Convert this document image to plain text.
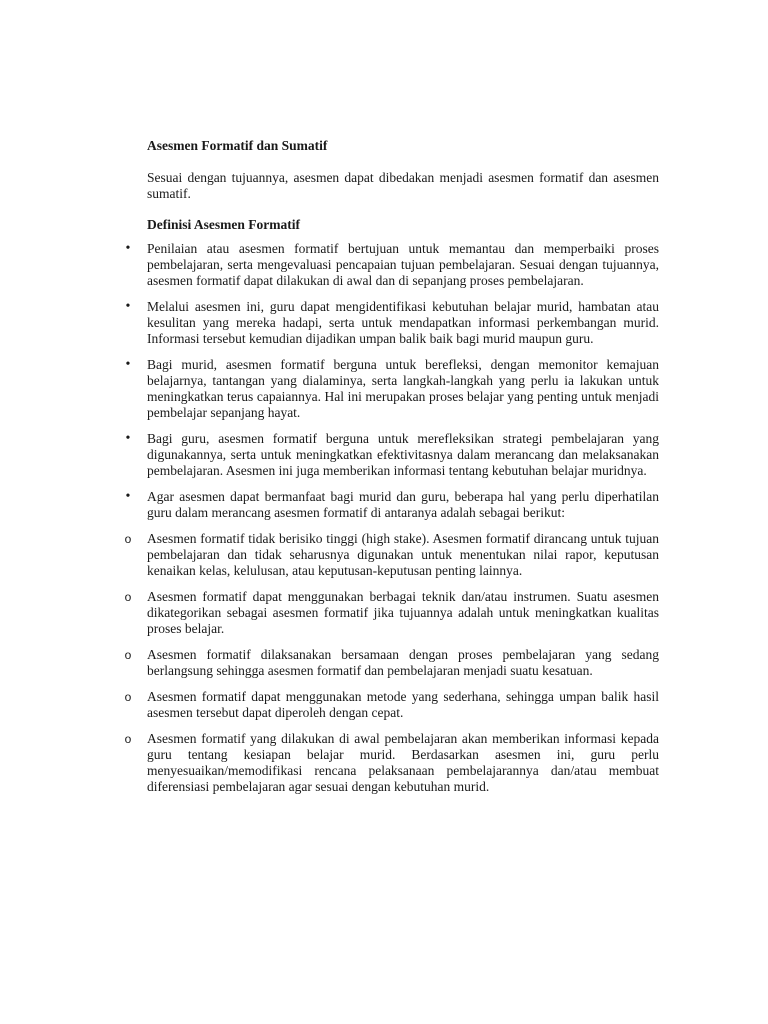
Asesmen Formatif dan Sumatif

Sesuai dengan tujuannya, asesmen dapat dibedakan menjadi asesmen formatif dan asesmen sumatif.

Definisi Asesmen Formatif
• Penilaian atau asesmen formatif bertujuan untuk memantau dan memperbaiki proses pembelajaran, serta mengevaluasi pencapaian tujuan pembelajaran. Sesuai dengan tujuannya, asesmen formatif dapat dilakukan di awal dan di sepanjang proses pembelajaran.
• Melalui asesmen ini, guru dapat mengidentifikasi kebutuhan belajar murid, hambatan atau kesulitan yang mereka hadapi, serta untuk mendapatkan informasi perkembangan murid. Informasi tersebut kemudian dijadikan umpan balik baik bagi murid maupun guru.
• Bagi murid, asesmen formatif berguna untuk berefleksi, dengan memonitor kemajuan belajarnya, tantangan yang dialaminya, serta langkah-langkah yang perlu ia lakukan untuk meningkatkan terus capaiannya. Hal ini merupakan proses belajar yang penting untuk menjadi pembelajar sepanjang hayat.
• Bagi guru, asesmen formatif berguna untuk merefleksikan strategi pembelajaran yang digunakannya, serta untuk meningkatkan efektivitasnya dalam merancang dan melaksanakan pembelajaran. Asesmen ini juga memberikan informasi tentang kebutuhan belajar muridnya.
• Agar asesmen dapat bermanfaat bagi murid dan guru, beberapa hal yang perlu diperhatilan guru dalam merancang asesmen formatif di antaranya adalah sebagai berikut:
o Asesmen formatif tidak berisiko tinggi (high stake). Asesmen formatif dirancang untuk tujuan pembelajaran dan tidak seharusnya digunakan untuk menentukan nilai rapor, keputusan kenaikan kelas, kelulusan, atau keputusan-keputusan penting lainnya.
o Asesmen formatif dapat menggunakan berbagai teknik dan/atau instrumen. Suatu asesmen dikategorikan sebagai asesmen formatif jika tujuannya adalah untuk meningkatkan kualitas proses belajar.
o Asesmen formatif dilaksanakan bersamaan dengan proses pembelajaran yang sedang berlangsung sehingga asesmen formatif dan pembelajaran menjadi suatu kesatuan.
o Asesmen formatif dapat menggunakan metode yang sederhana, sehingga umpan balik hasil asesmen tersebut dapat diperoleh dengan cepat.
o Asesmen formatif yang dilakukan di awal pembelajaran akan memberikan informasi kepada guru tentang kesiapan belajar murid. Berdasarkan asesmen ini, guru perlu menyesuaikan/memodifikasi rencana pelaksanaan pembelajarannya dan/atau membuat diferensiasi pembelajaran agar sesuai dengan kebutuhan murid.
